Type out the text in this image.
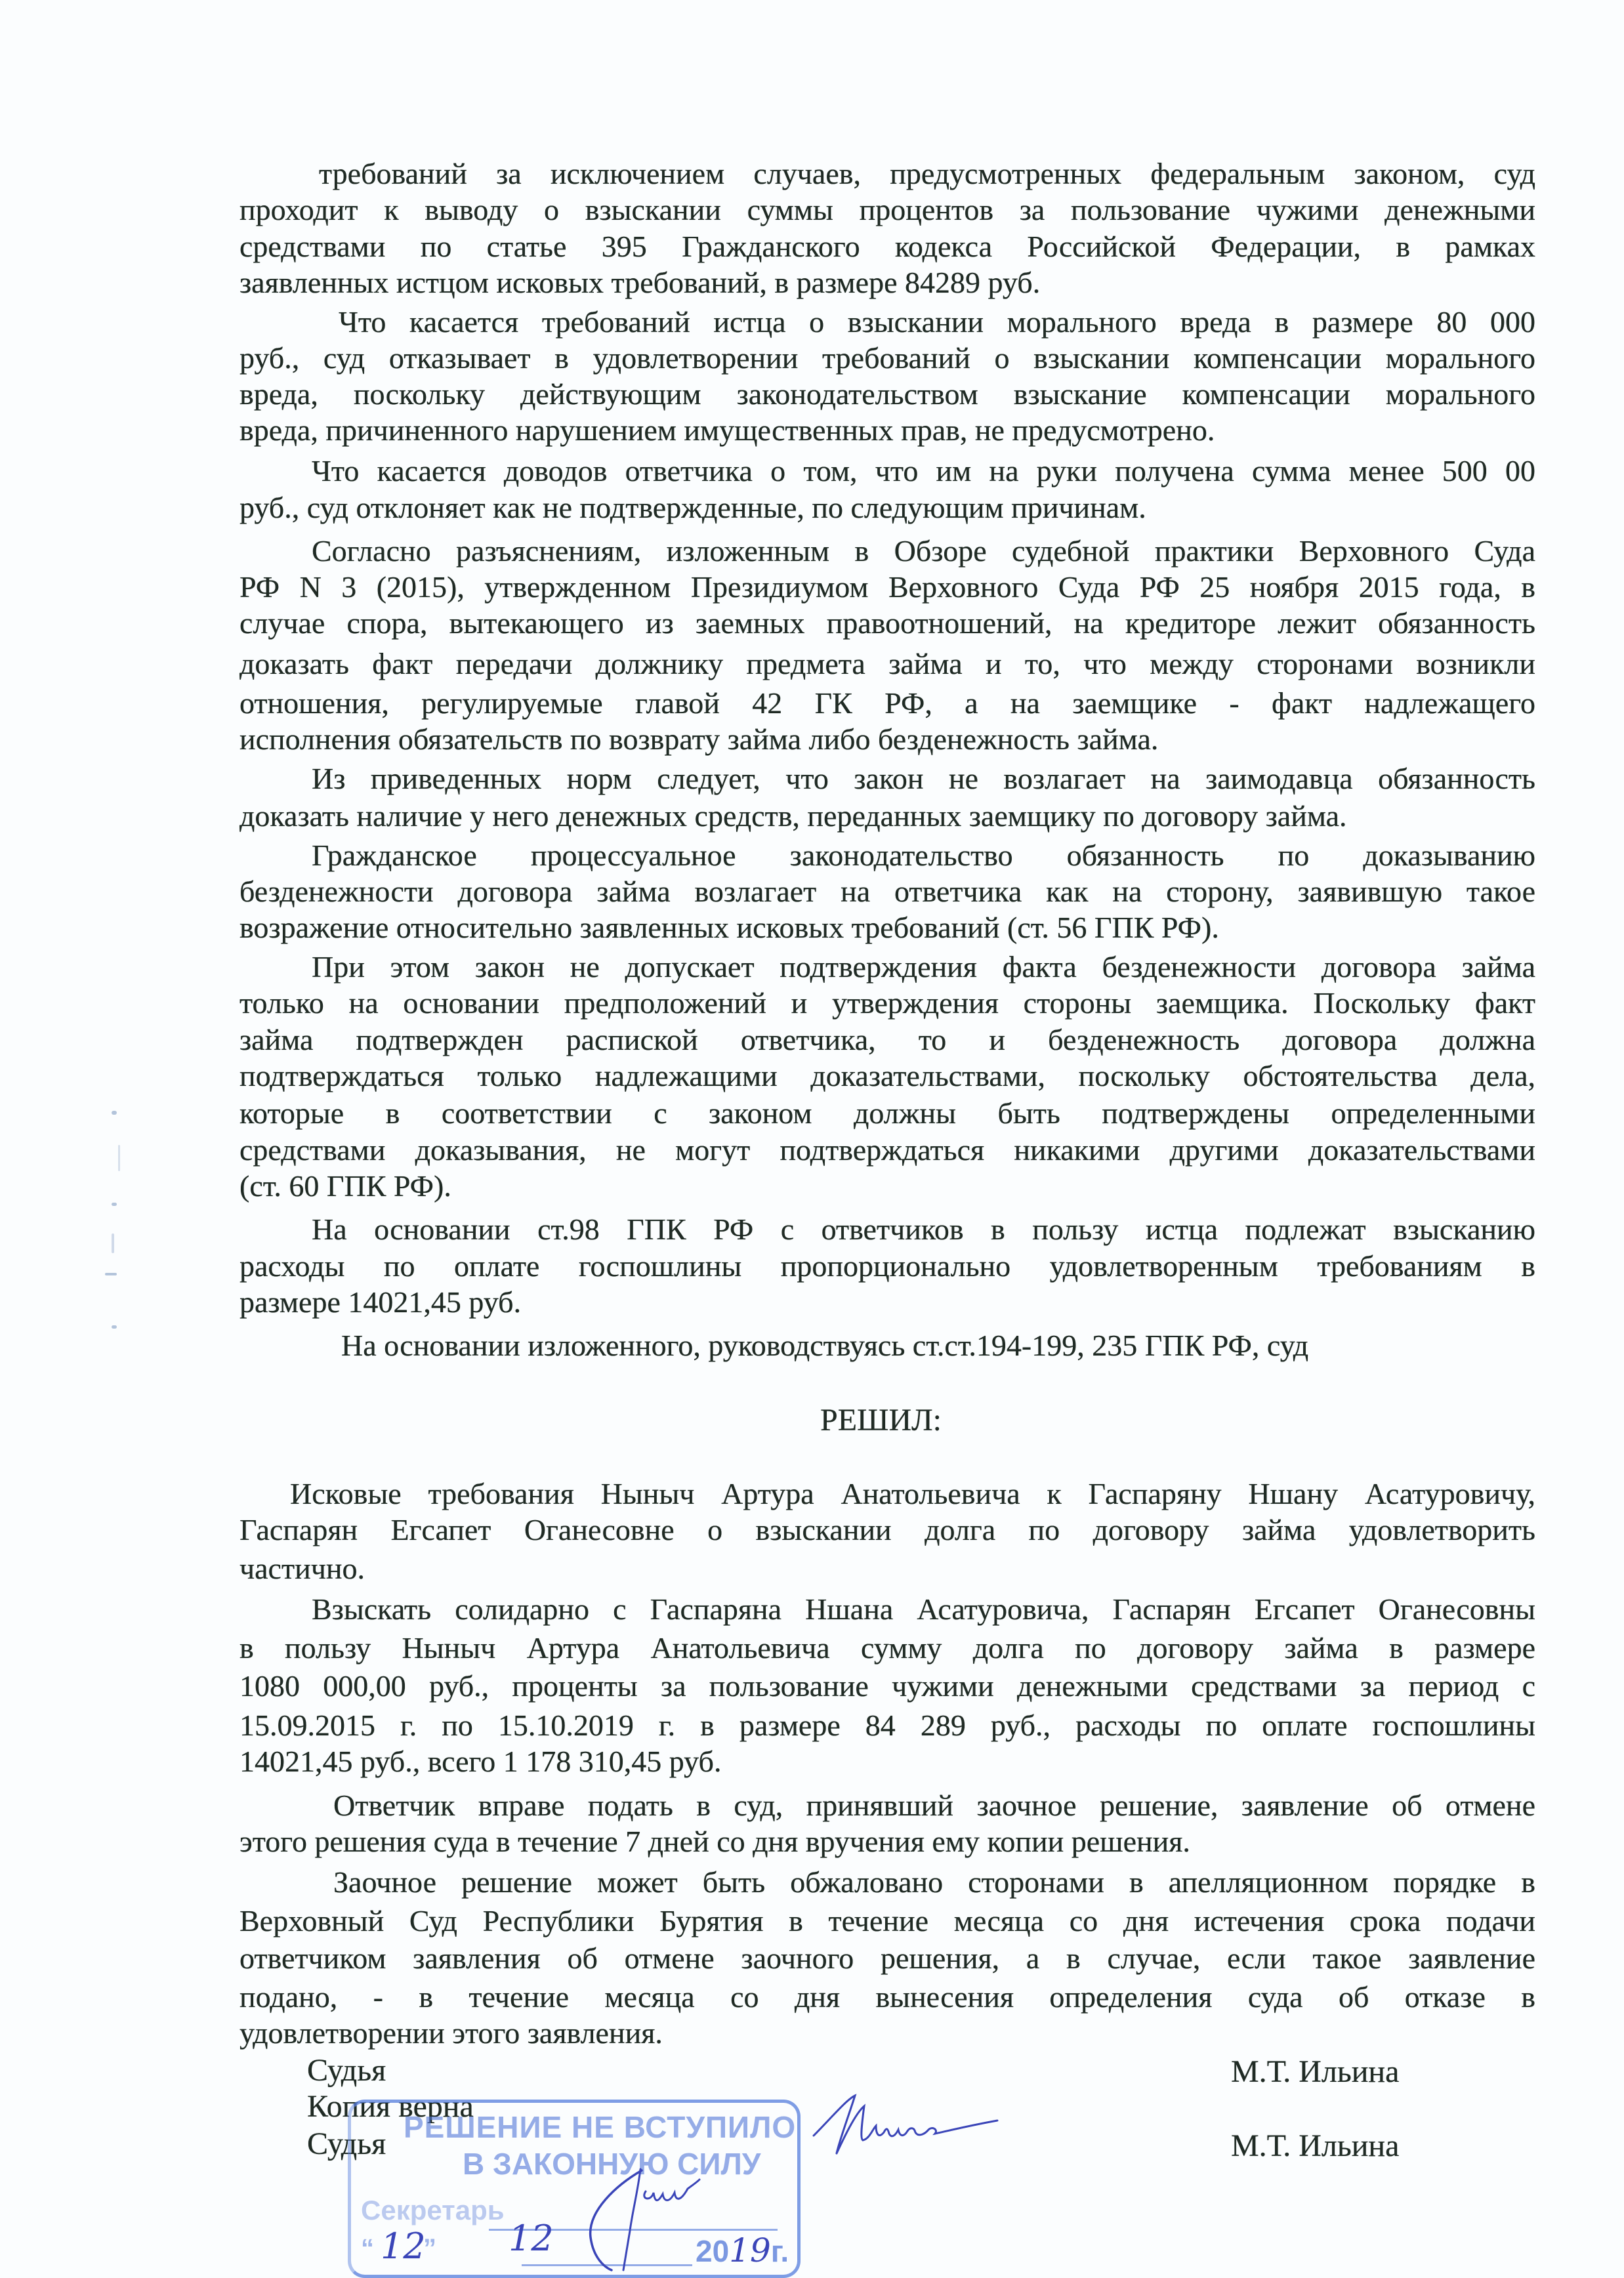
требований за исключением случаев, предусмотренных федеральным законом, суд
проходит к выводу о взыскании суммы процентов за пользование чужими денежными
средствами по статье 395 Гражданского кодекса Российской Федерации, в рамках
заявленных истцом исковых требований, в размере 84289 руб.
Что касается требований истца о взыскании морального вреда в размере 80 000
руб., суд отказывает в удовлетворении требований о взыскании компенсации морального
вреда, поскольку действующим законодательством взыскание компенсации морального
вреда, причиненного нарушением имущественных прав, не предусмотрено.
Что касается доводов ответчика о том, что им на руки получена сумма менее 500 00
руб., суд отклоняет как не подтвержденные, по следующим причинам.
Согласно разъяснениям, изложенным в Обзоре судебной практики Верховного Суда
РФ N 3 (2015), утвержденном Президиумом Верховного Суда РФ 25 ноября 2015 года, в
случае спора, вытекающего из заемных правоотношений, на кредиторе лежит обязанность
доказать факт передачи должнику предмета займа и то, что между сторонами возникли
отношения, регулируемые главой 42 ГК РФ, а на заемщике - факт надлежащего
исполнения обязательств по возврату займа либо безденежность займа.
Из приведенных норм следует, что закон не возлагает на заимодавца обязанность
доказать наличие у него денежных средств, переданных заемщику по договору займа.
Гражданское процессуальное законодательство обязанность по доказыванию
безденежности договора займа возлагает на ответчика как на сторону, заявившую такое
возражение относительно заявленных исковых требований (ст. 56 ГПК РФ).
При этом закон не допускает подтверждения факта безденежности договора займа
только на основании предположений и утверждения стороны заемщика. Поскольку факт
займа подтвержден распиской ответчика, то и безденежность договора должна
подтверждаться только надлежащими доказательствами, поскольку обстоятельства дела,
которые в соответствии с законом должны быть подтверждены определенными
средствами доказывания, не могут подтверждаться никакими другими доказательствами
(ст. 60 ГПК РФ).
На основании ст.98 ГПК РФ с ответчиков в пользу истца подлежат взысканию
расходы по оплате госпошлины пропорционально удовлетворенным требованиям в
размере 14021,45 руб.
На основании изложенного, руководствуясь ст.ст.194-199, 235 ГПК РФ, суд
РЕШИЛ:
Исковые требования Ныныч Артура Анатольевича к Гаспаряну Ншану Асатуровичу,
Гаспарян Егсапет Оганесовне о взыскании долга по договору займа удовлетворить
частично.
Взыскать солидарно с Гаспаряна Ншана Асатуровича, Гаспарян Егсапет Оганесовны
в пользу Ныныч Артура Анатольевича сумму долга по договору займа в размере
1080 000,00 руб., проценты за пользование чужими денежными средствами за период с
15.09.2015 г. по 15.10.2019 г. в размере 84 289 руб., расходы по оплате госпошлины
14021,45 руб., всего 1 178 310,45 руб.
Ответчик вправе подать в суд, принявший заочное решение, заявление об отмене
этого решения суда в течение 7 дней со дня вручения ему копии решения.
Заочное решение может быть обжаловано сторонами в апелляционном порядке в
Верховный Суд Республики Бурятия в течение месяца со дня истечения срока подачи
ответчиком заявления об отмене заочного решения, а в случае, если такое заявление
подано, - в течение месяца со дня вынесения определения суда об отказе в
удовлетворении этого заявления.
Судья	М.Т. Ильина
Копия верна
Судья	М.Т. Ильина
РЕШЕНИЕ НЕ ВСТУПИЛО
В ЗАКОННУЮ СИЛУ
Секретарь
“ ”	2019г.
12 12
